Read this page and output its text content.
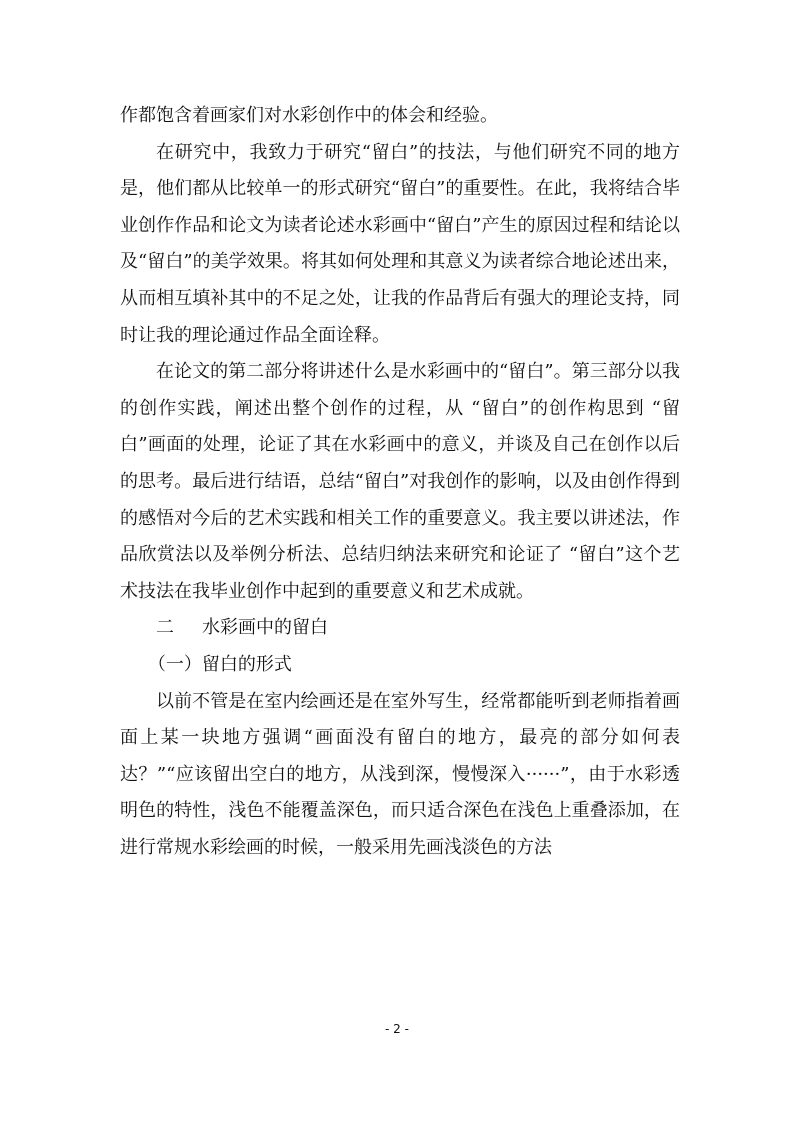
作都饱含着画家们对水彩创作中的体会和经验。

在研究中，我致力于研究“留白”的技法，与他们研究不同的地方是，他们都从比较单一的形式研究“留白”的重要性。在此，我将结合毕业创作作品和论文为读者论述水彩画中“留白”产生的原因过程和结论以及“留白”的美学效果。将其如何处理和其意义为读者综合地论述出来，从而相互填补其中的不足之处，让我的作品背后有强大的理论支持，同时让我的理论通过作品全面诠释。

在论文的第二部分将讲述什么是水彩画中的“留白”。第三部分以我的创作实践，阐述出整个创作的过程，从 “留白”的创作构思到 “留白”画面的处理，论证了其在水彩画中的意义，并谈及自己在创作以后的思考。最后进行结语，总结“留白”对我创作的影响，以及由创作得到的感悟对今后的艺术实践和相关工作的重要意义。我主要以讲述法，作品欣赏法以及举例分析法、总结归纳法来研究和论证了 “留白”这个艺术技法在我毕业创作中起到的重要意义和艺术成就。

二 水彩画中的留白
（一）留白的形式

以前不管是在室内绘画还是在室外写生，经常都能听到老师指着画面上某一块地方强调“画面没有留白的地方，最亮的部分如何表达？”“应该留出空白的地方，从浅到深，慢慢深入······”，由于水彩透明色的特性，浅色不能覆盖深色，而只适合深色在浅色上重叠添加，在进行常规水彩绘画的时候，一般采用先画浅淡色的方法

- 2 -
